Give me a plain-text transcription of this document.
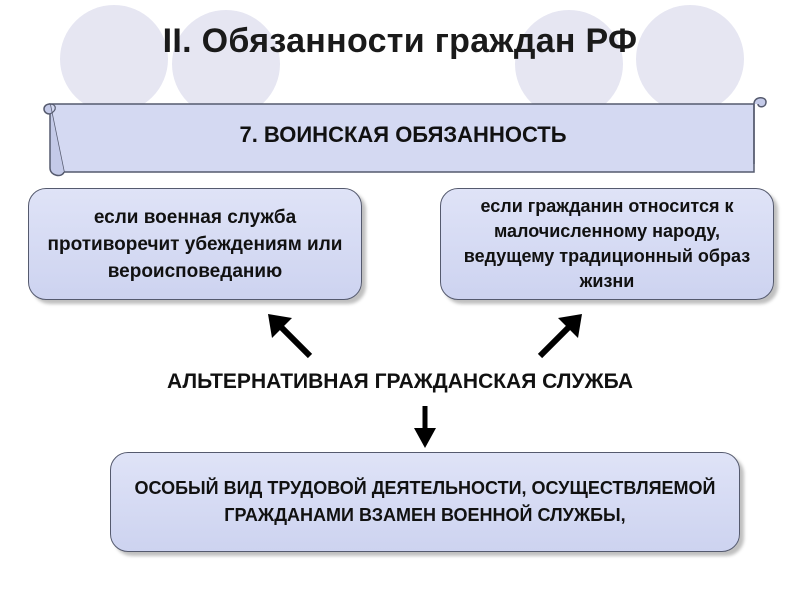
II. Обязанности граждан РФ
7. ВОИНСКАЯ ОБЯЗАННОСТЬ
если военная служба противоречит убеждениям или вероисповеданию
если гражданин относится к малочисленному народу, ведущему традиционный образ жизни
АЛЬТЕРНАТИВНАЯ ГРАЖДАНСКАЯ СЛУЖБА
ОСОБЫЙ ВИД ТРУДОВОЙ ДЕЯТЕЛЬНОСТИ, ОСУЩЕСТВЛЯЕМОЙ ГРАЖДАНАМИ ВЗАМЕН ВОЕННОЙ СЛУЖБЫ,
